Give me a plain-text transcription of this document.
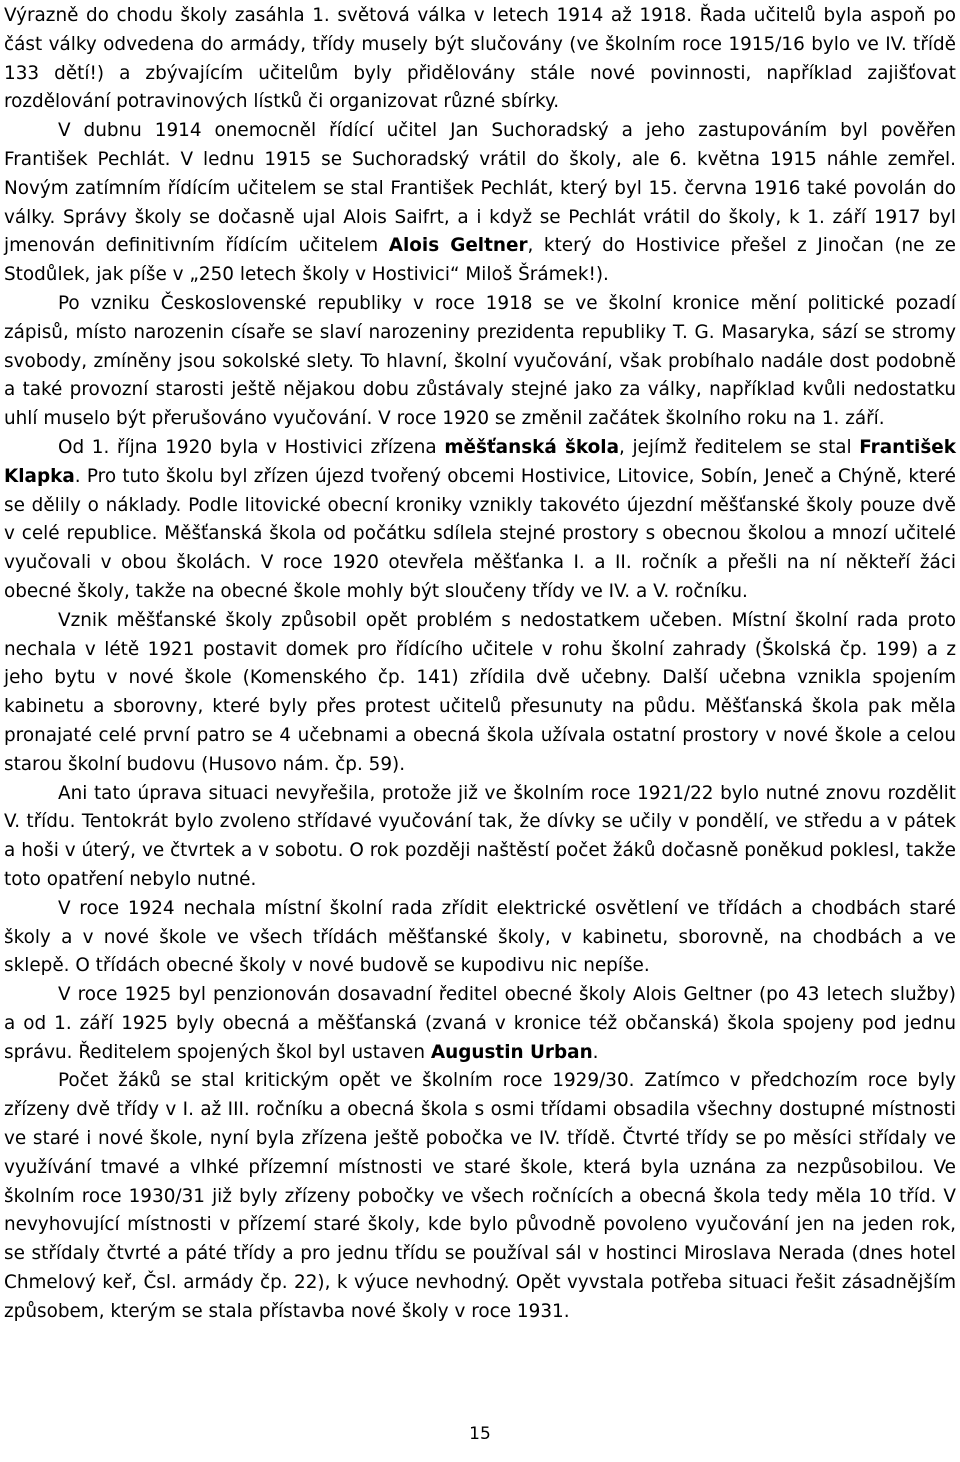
Výrazně do chodu školy zasáhla 1. světová válka v letech 1914 až 1918. Řada učitelů byla aspoň po část války odvedena do armády, třídy musely být slučovány (ve školním roce 1915/16 bylo ve IV. třídě 133 dětí!) a zbývajícím učitelům byly přidělovány stále nové povinnosti, například zajišťovat rozdělování potravinových lístků či organizovat různé sbírky.

V dubnu 1914 onemocněl řídící učitel Jan Suchoradský a jeho zastupováním byl pověřen František Pechlát. V lednu 1915 se Suchoradský vrátil do školy, ale 6. května 1915 náhle zemřel. Novým zatímním řídícím učitelem se stal František Pechlát, který byl 15. června 1916 také povolán do války. Správy školy se dočasně ujal Alois Saifrt, a i když se Pechlát vrátil do školy, k 1. září 1917 byl jmenován definitivním řídícím učitelem Alois Geltner, který do Hostivice přešel z Jinočan (ne ze Stodůlek, jak píše v „250 letech školy v Hostivici“ Miloš Šrámek!).

Po vzniku Československé republiky v roce 1918 se ve školní kronice mění politické pozadí zápisů, místo narozenin císaře se slaví narozeniny prezidenta republiky T. G. Masaryka, sází se stromy svobody, zmíněny jsou sokolské slety. To hlavní, školní vyučování, však probíhalo nadále dost podobně a také provozní starosti ještě nějakou dobu zůstávaly stejné jako za války, například kvůli nedostatku uhlí muselo být přerušováno vyučování. V roce 1920 se změnil začátek školního roku na 1. září.

Od 1. října 1920 byla v Hostivici zřízena měšťanská škola, jejímž ředitelem se stal František Klapka. Pro tuto školu byl zřízen újezd tvořený obcemi Hostivice, Litovice, Sobín, Jeneč a Chýně, které se dělily o náklady. Podle litovické obecní kroniky vznikly takovéto újezdní měšťanské školy pouze dvě v celé republice. Měšťanská škola od počátku sdílela stejné prostory s obecnou školou a mnozí učitelé vyučovali v obou školách. V roce 1920 otevřela měšťanka I. a II. ročník a přešli na ní někteří žáci obecné školy, takže na obecné škole mohly být sloučeny třídy ve IV. a V. ročníku.

Vznik měšťanské školy způsobil opět problém s nedostatkem učeben. Místní školní rada proto nechala v létě 1921 postavit domek pro řídícího učitele v rohu školní zahrady (Školská čp. 199) a z jeho bytu v nové škole (Komenského čp. 141) zřídila dvě učebny. Další učebna vznikla spojením kabinetu a sborovny, které byly přes protest učitelů přesunuty na půdu. Měšťanská škola pak měla pronajaté celé první patro se 4 učebnami a obecná škola užívala ostatní prostory v nové škole a celou starou školní budovu (Husovo nám. čp. 59).

Ani tato úprava situaci nevyřešila, protože již ve školním roce 1921/22 bylo nutné znovu rozdělit V. třídu. Tentokrát bylo zvoleno střídavé vyučování tak, že dívky se učily v pondělí, ve středu a v pátek a hoši v úterý, ve čtvrtek a v sobotu. O rok později naštěstí počet žáků dočasně poněkud poklesl, takže toto opatření nebylo nutné.

V roce 1924 nechala místní školní rada zřídit elektrické osvětlení ve třídách a chodbách staré školy a v nové škole ve všech třídách měšťanské školy, v kabinetu, sborovně, na chodbách a ve sklepě. O třídách obecné školy v nové budově se kupodivu nic nepíše.

V roce 1925 byl penzionován dosavadní ředitel obecné školy Alois Geltner (po 43 letech služby) a od 1. září 1925 byly obecná a měšťanská (zvaná v kronice též občanská) škola spojeny pod jednu správu. Ředitelem spojených škol byl ustaven Augustin Urban.

Počet žáků se stal kritickým opět ve školním roce 1929/30. Zatímco v předchozím roce byly zřízeny dvě třídy v I. až III. ročníku a obecná škola s osmi třídami obsadila všechny dostupné místnosti ve staré i nové škole, nyní byla zřízena ještě pobočka ve IV. třídě. Čtvrté třídy se po měsíci střídaly ve využívání tmavé a vlhké přízemní místnosti ve staré škole, která byla uznána za nezpůsobilou. Ve školním roce 1930/31 již byly zřízeny pobočky ve všech ročnících a obecná škola tedy měla 10 tříd. V nevyhovující místnosti v přízemí staré školy, kde bylo původně povoleno vyučování jen na jeden rok, se střídaly čtvrté a páté třídy a pro jednu třídu se používal sál v hostinci Miroslava Nerada (dnes hotel Chmelový keř, Čsl. armády čp. 22), k výuce nevhodný. Opět vyvstala potřeba situaci řešit zásadnějším způsobem, kterým se stala přístavba nové školy v roce 1931.

15
